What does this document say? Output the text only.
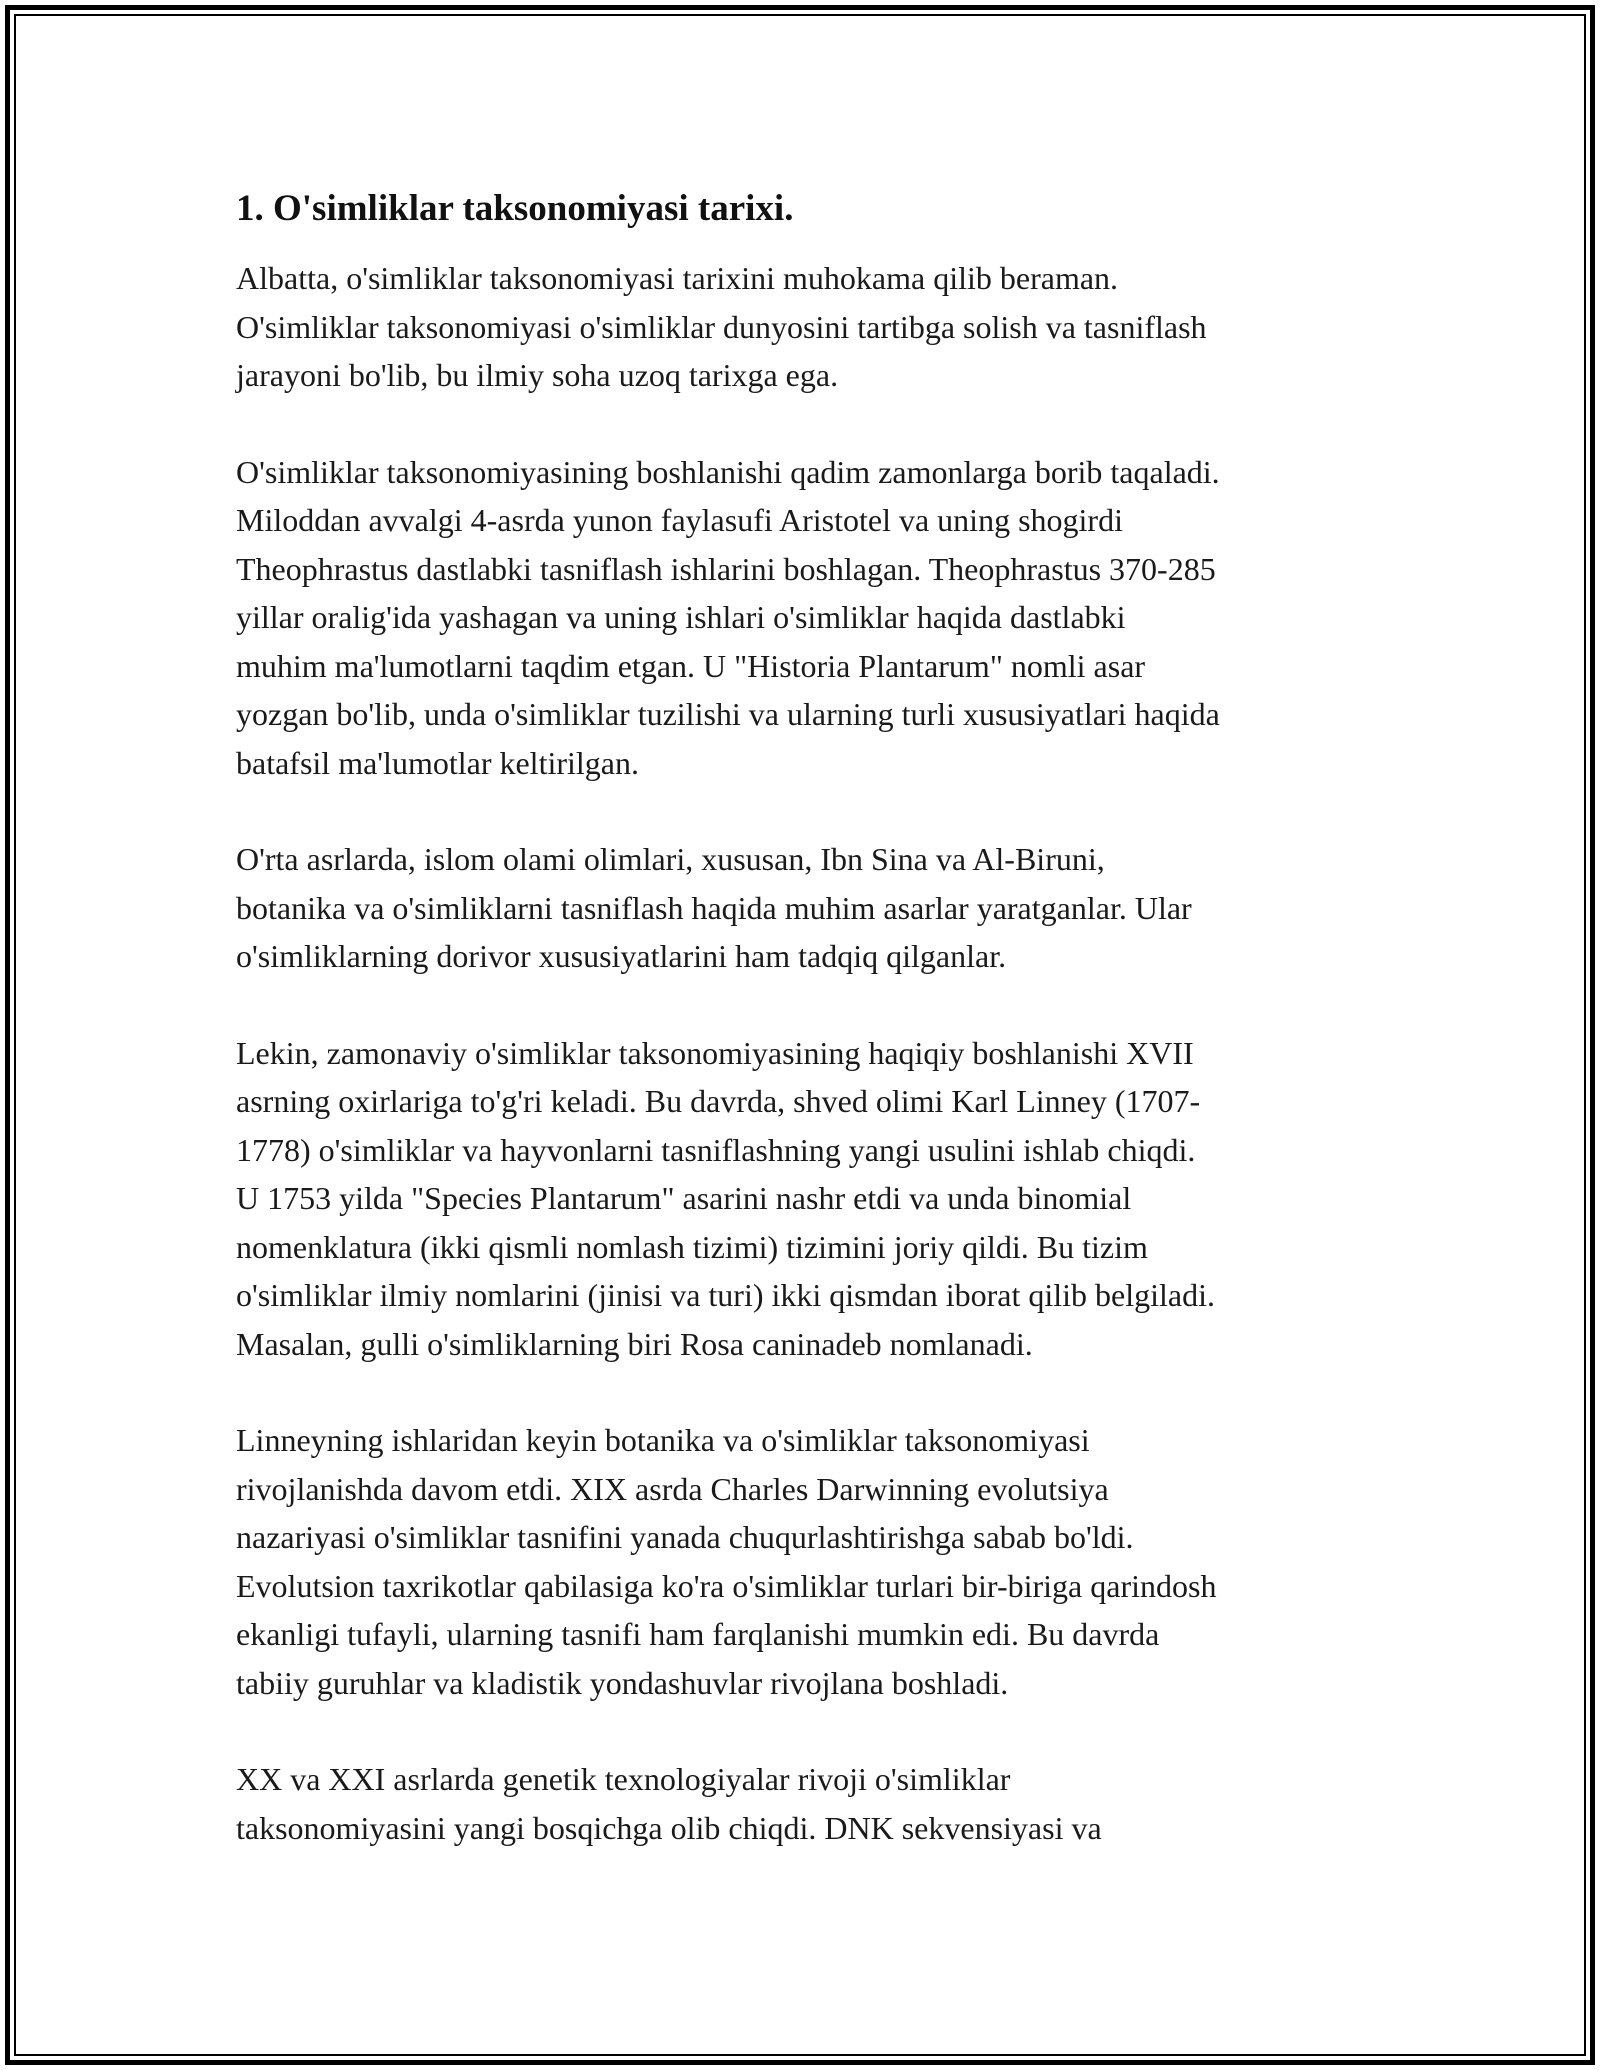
1. O'simliklar taksonomiyasi tarixi.

Albatta, o'simliklar taksonomiyasi tarixini muhokama qilib beraman.
O'simliklar taksonomiyasi o'simliklar dunyosini tartibga solish va tasniflash
jarayoni bo'lib, bu ilmiy soha uzoq tarixga ega.

O'simliklar taksonomiyasining boshlanishi qadim zamonlarga borib taqaladi.
Miloddan avvalgi 4-asrda yunon faylasufi Aristotel va uning shogirdi
Theophrastus dastlabki tasniflash ishlarini boshlagan. Theophrastus 370-285
yillar oralig'ida yashagan va uning ishlari o'simliklar haqida dastlabki
muhim ma'lumotlarni taqdim etgan. U "Historia Plantarum" nomli asar
yozgan bo'lib, unda o'simliklar tuzilishi va ularning turli xususiyatlari haqida
batafsil ma'lumotlar keltirilgan.

O'rta asrlarda, islom olami olimlari, xususan, Ibn Sina va Al-Biruni,
botanika va o'simliklarni tasniflash haqida muhim asarlar yaratganlar. Ular
o'simliklarning dorivor xususiyatlarini ham tadqiq qilganlar.

Lekin, zamonaviy o'simliklar taksonomiyasining haqiqiy boshlanishi XVII
asrning oxirlariga to'g'ri keladi. Bu davrda, shved olimi Karl Linney (1707-
1778) o'simliklar va hayvonlarni tasniflashning yangi usulini ishlab chiqdi.
U 1753 yilda "Species Plantarum" asarini nashr etdi va unda binomial
nomenklatura (ikki qismli nomlash tizimi) tizimini joriy qildi. Bu tizim
o'simliklar ilmiy nomlarini (jinisi va turi) ikki qismdan iborat qilib belgiladi.
Masalan, gulli o'simliklarning biri Rosa caninadeb nomlanadi.

Linneyning ishlaridan keyin botanika va o'simliklar taksonomiyasi
rivojlanishda davom etdi. XIX asrda Charles Darwinning evolutsiya
nazariyasi o'simliklar tasnifini yanada chuqurlashtirishga sabab bo'ldi.
Evolutsion taxrikotlar qabilasiga ko'ra o'simliklar turlari bir-biriga qarindosh
ekanligi tufayli, ularning tasnifi ham farqlanishi mumkin edi. Bu davrda
tabiiy guruhlar va kladistik yondashuvlar rivojlana boshladi.

XX va XXI asrlarda genetik texnologiyalar rivoji o'simliklar
taksonomiyasini yangi bosqichga olib chiqdi. DNK sekvensiyasi va
